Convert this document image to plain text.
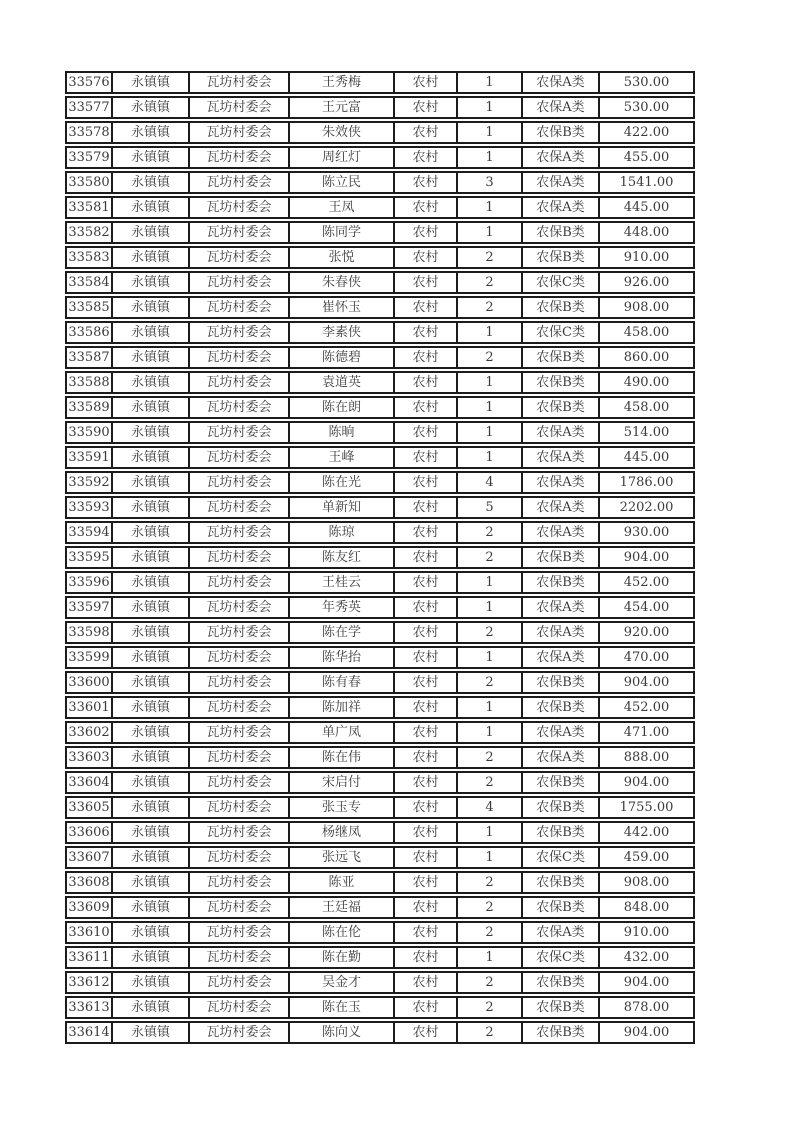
33576	永镇镇	瓦坊村委会	王秀梅	农村	1	农保A类	530.00
33577	永镇镇	瓦坊村委会	王元富	农村	1	农保A类	530.00
33578	永镇镇	瓦坊村委会	朱效侠	农村	1	农保B类	422.00
33579	永镇镇	瓦坊村委会	周红灯	农村	1	农保A类	455.00
33580	永镇镇	瓦坊村委会	陈立民	农村	3	农保A类	1541.00
33581	永镇镇	瓦坊村委会	王凤	农村	1	农保A类	445.00
33582	永镇镇	瓦坊村委会	陈同学	农村	1	农保B类	448.00
33583	永镇镇	瓦坊村委会	张悦	农村	2	农保B类	910.00
33584	永镇镇	瓦坊村委会	朱春侠	农村	2	农保C类	926.00
33585	永镇镇	瓦坊村委会	崔怀玉	农村	2	农保B类	908.00
33586	永镇镇	瓦坊村委会	李素侠	农村	1	农保C类	458.00
33587	永镇镇	瓦坊村委会	陈德碧	农村	2	农保B类	860.00
33588	永镇镇	瓦坊村委会	袁道英	农村	1	农保B类	490.00
33589	永镇镇	瓦坊村委会	陈在朗	农村	1	农保B类	458.00
33590	永镇镇	瓦坊村委会	陈晌	农村	1	农保A类	514.00
33591	永镇镇	瓦坊村委会	王峰	农村	1	农保A类	445.00
33592	永镇镇	瓦坊村委会	陈在光	农村	4	农保A类	1786.00
33593	永镇镇	瓦坊村委会	单新知	农村	5	农保A类	2202.00
33594	永镇镇	瓦坊村委会	陈琼	农村	2	农保A类	930.00
33595	永镇镇	瓦坊村委会	陈友红	农村	2	农保B类	904.00
33596	永镇镇	瓦坊村委会	王桂云	农村	1	农保B类	452.00
33597	永镇镇	瓦坊村委会	年秀英	农村	1	农保A类	454.00
33598	永镇镇	瓦坊村委会	陈在学	农村	2	农保A类	920.00
33599	永镇镇	瓦坊村委会	陈华抬	农村	1	农保A类	470.00
33600	永镇镇	瓦坊村委会	陈有春	农村	2	农保B类	904.00
33601	永镇镇	瓦坊村委会	陈加祥	农村	1	农保B类	452.00
33602	永镇镇	瓦坊村委会	单广凤	农村	1	农保A类	471.00
33603	永镇镇	瓦坊村委会	陈在伟	农村	2	农保A类	888.00
33604	永镇镇	瓦坊村委会	宋启付	农村	2	农保B类	904.00
33605	永镇镇	瓦坊村委会	张玉专	农村	4	农保B类	1755.00
33606	永镇镇	瓦坊村委会	杨继凤	农村	1	农保B类	442.00
33607	永镇镇	瓦坊村委会	张远飞	农村	1	农保C类	459.00
33608	永镇镇	瓦坊村委会	陈亚	农村	2	农保B类	908.00
33609	永镇镇	瓦坊村委会	王廷福	农村	2	农保B类	848.00
33610	永镇镇	瓦坊村委会	陈在伦	农村	2	农保A类	910.00
33611	永镇镇	瓦坊村委会	陈在勤	农村	1	农保C类	432.00
33612	永镇镇	瓦坊村委会	吴金才	农村	2	农保B类	904.00
33613	永镇镇	瓦坊村委会	陈在玉	农村	2	农保B类	878.00
33614	永镇镇	瓦坊村委会	陈向义	农村	2	农保B类	904.00
